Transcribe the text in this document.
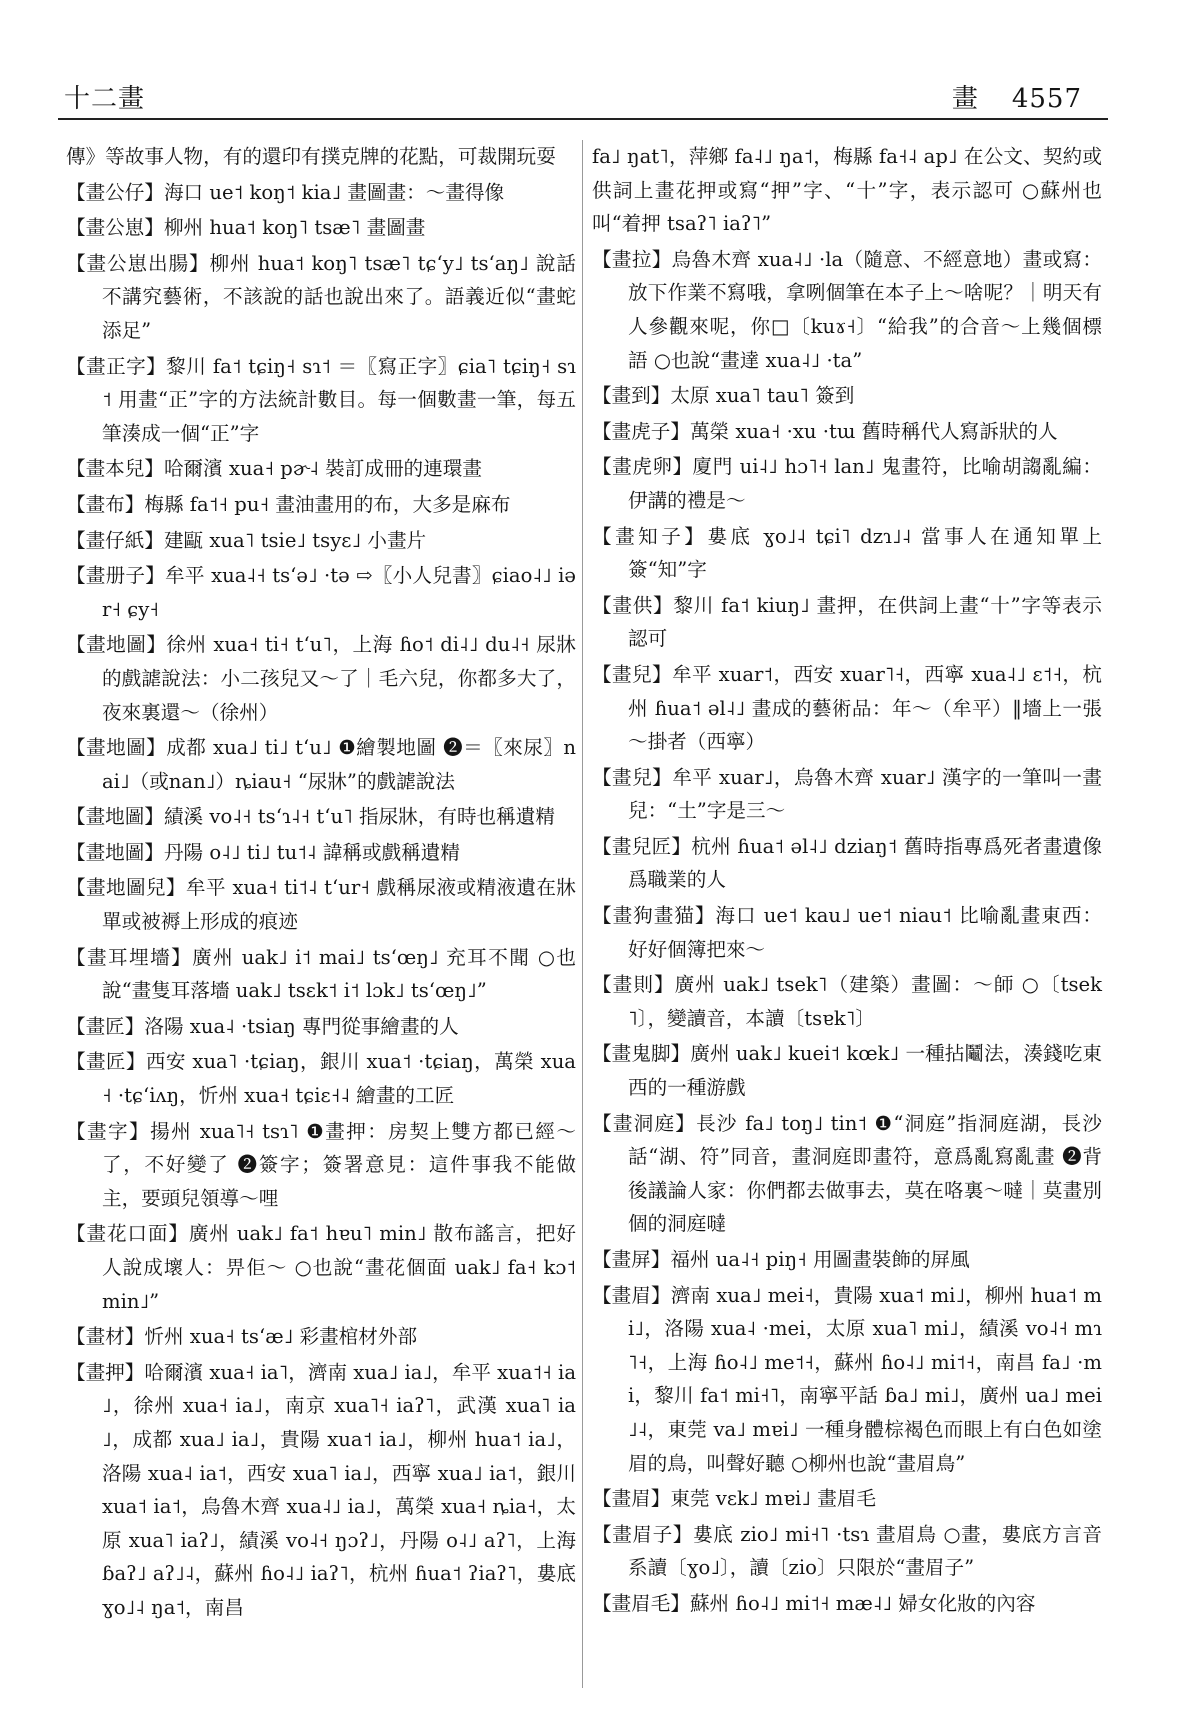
十二畫	畫 4557

傳》等故事人物，有的還印有撲克牌的花點，可裁開玩耍

【畫公仔】海口 ue˦ koŋ˦ kia˩ 畫圖畫：～畫得像

【畫公崽】柳州 hua˦ koŋ˥ tsæ˥ 畫圖畫

【畫公崽出腸】柳州 hua˦ koŋ˥ tsæ˥ tɕʻy˩ tsʻaŋ˩ 說話不講究藝術，不該說的話也說出來了。語義近似“畫蛇添足”

【畫正字】黎川 fa˦ tɕiŋ˧ sɿ˦ ＝〖寫正字〗ɕia˥ tɕiŋ˧ sɿ˦ 用畫“正”字的方法統計數目。每一個數畫一筆，每五筆湊成一個“正”字

【畫本兒】哈爾濱 xua˧ pɚ˨ 裝訂成冊的連環畫

【畫布】梅縣 fa˦˧ pu˧ 畫油畫用的布，大多是麻布

【畫仔紙】建甌 xua˥ tsie˩ tsyɛ˩ 小畫片

【畫册子】牟平 xua˨˧ tsʻə˩ ·tə ⇨〖小人兒書〗ɕiao˨˩ iər˧ ɕy˧

【畫地圖】徐州 xua˧ ti˧ tʻu˥，上海 ɦo˦ di˨˩ du˨˧ 尿牀的戲謔說法：小二孩兒又～了｜毛六兒，你都多大了，夜來裏還～（徐州）

【畫地圖】成都 xua˩ ti˩ tʻu˩ ❶繪製地圖 ❷＝〖來尿〗nai˩（或nan˩）ȵiau˧ “尿牀”的戲謔說法

【畫地圖】績溪 vo˨˧ tsʻɿ˨˧ tʻu˥ 指尿牀，有時也稱遺精

【畫地圖】丹陽 o˨˩ ti˩ tu˦˨ 諱稱或戲稱遺精

【畫地圖兒】牟平 xua˧ ti˦˨ tʻur˧ 戲稱尿液或精液遺在牀單或被褥上形成的痕迹

【畫耳埋墻】廣州 uak˩ i˦ mai˩ tsʻœŋ˩ 充耳不聞 ○也說“畫隻耳落墻 uak˩ tsɛk˦ i˦ lɔk˩ tsʻœŋ˩”

【畫匠】洛陽 xua˨ ·tsiaŋ 專門從事繪畫的人

【畫匠】西安 xua˥ ·tɕiaŋ，銀川 xua˦ ·tɕiaŋ，萬榮 xua˧ ·tɕʻiʌŋ，忻州 xua˧ tɕiɛ˧˨ 繪畫的工匠

【畫字】揚州 xua˥˧ tsɿ˥ ❶畫押：房契上雙方都已經～了，不好變了 ❷簽字；簽署意見：這件事我不能做主，要頭兒領導～哩

【畫花口面】廣州 uak˩ fa˦ hɐu˥ min˩ 散布謠言，把好人說成壞人：畀佢～ ○也說“畫花個面 uak˩ fa˧ kɔ˦ min˩”

【畫材】忻州 xua˧ tsʻæ˩ 彩畫棺材外部

【畫押】哈爾濱 xua˧ ia˥，濟南 xua˩ ia˩，牟平 xua˦˧ ia˩，徐州 xua˧ ia˩，南京 xua˥˧ iaʔ˥，武漢 xua˥ ia˩，成都 xua˩ ia˩，貴陽 xua˦ ia˩，柳州 hua˦ ia˩，洛陽 xua˨ ia˦，西安 xua˥ ia˩，西寧 xua˩ ia˦，銀川 xua˦ ia˦，烏魯木齊 xua˨˩ ia˩，萬榮 xua˧ ȵia˧，太原 xua˥ iaʔ˩，績溪 vo˨˧ ŋɔʔ˩，丹陽 o˨˩ aʔ˥，上海 ɓaʔ˩ aʔ˩˨，蘇州 ɦo˨˩ iaʔ˥，杭州 ɦua˦ ʔiaʔ˥，婁底 ɣo˩˨ ŋa˦，南昌

fa˩ ŋat˥，萍鄉 fa˨˩ ŋa˦，梅縣 fa˧˨ ap˩ 在公文、契約或供詞上畫花押或寫“押”字、“十”字，表示認可 ○蘇州也叫“着押 tsaʔ˥ iaʔ˥”

【畫拉】烏魯木齊 xua˨˩ ·la（隨意、不經意地）畫或寫：放下作業不寫哦，拿咧個筆在本子上～啥呢？｜明天有人參觀來呢，你□〔kuɤ˧〕“給我”的合音～上幾個標語 ○也說“畫達 xua˨˩ ·ta”

【畫到】太原 xua˥ tau˥ 簽到

【畫虎子】萬榮 xua˧ ·xu ·tɯ 舊時稱代人寫訴狀的人

【畫虎卵】廈門 ui˨˩ hɔ˥˧ lan˩ 鬼畫符，比喻胡謅亂編：伊講的禮是～

【畫知子】婁底 ɣo˩˨ tɕi˥ dzɿ˩˨ 當事人在通知單上簽“知”字

【畫供】黎川 fa˦ kiuŋ˩ 畫押，在供詞上畫“十”字等表示認可

【畫兒】牟平 xuar˦，西安 xuar˥˧，西寧 xua˨˩ ɛ˦˧，杭州 ɦua˦ əl˨˩ 畫成的藝術品：年～（牟平）‖墻上一張～掛者（西寧）

【畫兒】牟平 xuar˩，烏魯木齊 xuar˩ 漢字的一筆叫一畫兒：“土”字是三～

【畫兒匠】杭州 ɦua˦ əl˨˩ dziaŋ˦ 舊時指專爲死者畫遺像爲職業的人

【畫狗畫猫】海口 ue˦ kau˩ ue˦ niau˦ 比喻亂畫東西：好好個簿把來～

【畫則】廣州 uak˩ tsek˥（建築）畫圖：～師 ○〔tsek˥〕，變讀音，本讀〔tsɐk˥〕

【畫鬼脚】廣州 uak˩ kuei˦ kœk˩ 一種拈鬮法，湊錢吃東西的一種游戲

【畫洞庭】長沙 fa˩ toŋ˩ tin˦ ❶“洞庭”指洞庭湖，長沙話“湖、符”同音，畫洞庭即畫符，意爲亂寫亂畫 ❷背後議論人家：你們都去做事去，莫在咯裏～噠｜莫畫別個的洞庭噠

【畫屏】福州 ua˨˧ piŋ˧ 用圖畫裝飾的屏風

【畫眉】濟南 xua˩ mei˧，貴陽 xua˦ mi˩，柳州 hua˦ mi˩，洛陽 xua˨ ·mei，太原 xua˥ mi˩，績溪 vo˨˧ mɿ˥˧，上海 ɦo˨˩ me˦˧，蘇州 ɦo˨˩ mi˦˧，南昌 fa˩ ·mi，黎川 fa˦ mi˧˥，南寧平話 ɓa˩ mi˩，廣州 ua˩ mei˩˨，東莞 va˩ mɐi˩ 一種身體棕褐色而眼上有白色如塗眉的鳥，叫聲好聽 ○柳州也說“畫眉鳥”

【畫眉】東莞 vɛk˩ mɐi˩ 畫眉毛

【畫眉子】婁底 zio˩ mi˧˥ ·tsɿ 畫眉鳥 ○畫，婁底方言音系讀〔ɣo˩〕，讀〔zio〕只限於“畫眉子”

【畫眉毛】蘇州 ɦo˨˩ mi˦˧ mæ˨˩ 婦女化妝的內容
